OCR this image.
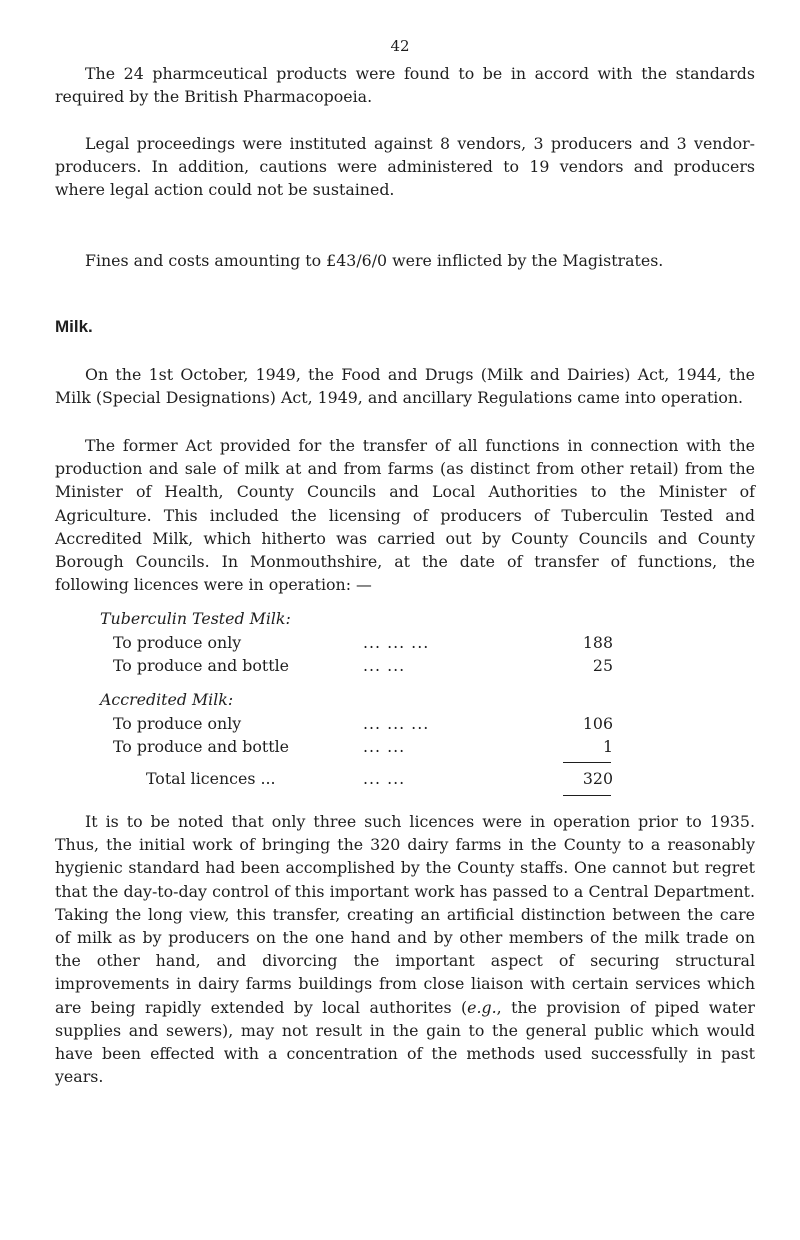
42

The 24 pharmceutical products were found to be in accord with the standards required by the British Pharmacopoeia.

Legal proceedings were instituted against 8 vendors, 3 producers and 3 vendor-producers. In addition, cautions were administered to 19 vendors and producers where legal action could not be sustained.

Fines and costs amounting to £43/6/0 were inflicted by the Magistrates.

Milk.

On the 1st October, 1949, the Food and Drugs (Milk and Dairies) Act, 1944, the Milk (Special Designations) Act, 1949, and ancillary Regulations came into operation.

The former Act provided for the transfer of all functions in connection with the production and sale of milk at and from farms (as distinct from other retail) from the Minister of Health, County Councils and Local Authorities to the Minister of Agriculture. This included the licensing of producers of Tuberculin Tested and Accredited Milk, which hitherto was carried out by County Councils and County Borough Councils. In Monmouthshire, at the date of transfer of functions, the following licences were in operation: —

Tuberculin Tested Milk:
To produce only	... ... ...	188
To produce and bottle	... ...	25
Accredited Milk:
To produce only	... ... ...	106
To produce and bottle	... ...	1
Total licences ...	... ...	320

It is to be noted that only three such licences were in operation prior to 1935. Thus, the initial work of bringing the 320 dairy farms in the County to a reasonably hygienic standard had been accomplished by the County staffs. One cannot but regret that the day-to-day control of this important work has passed to a Central Department. Taking the long view, this transfer, creating an artificial distinction between the care of milk as by producers on the one hand and by other members of the milk trade on the other hand, and divorcing the important aspect of securing structural improvements in dairy farms buildings from close liaison with certain services which are being rapidly extended by local authorites (e.g., the provision of piped water supplies and sewers), may not result in the gain to the general public which would have been effected with a concentration of the methods used successfully in past years.
